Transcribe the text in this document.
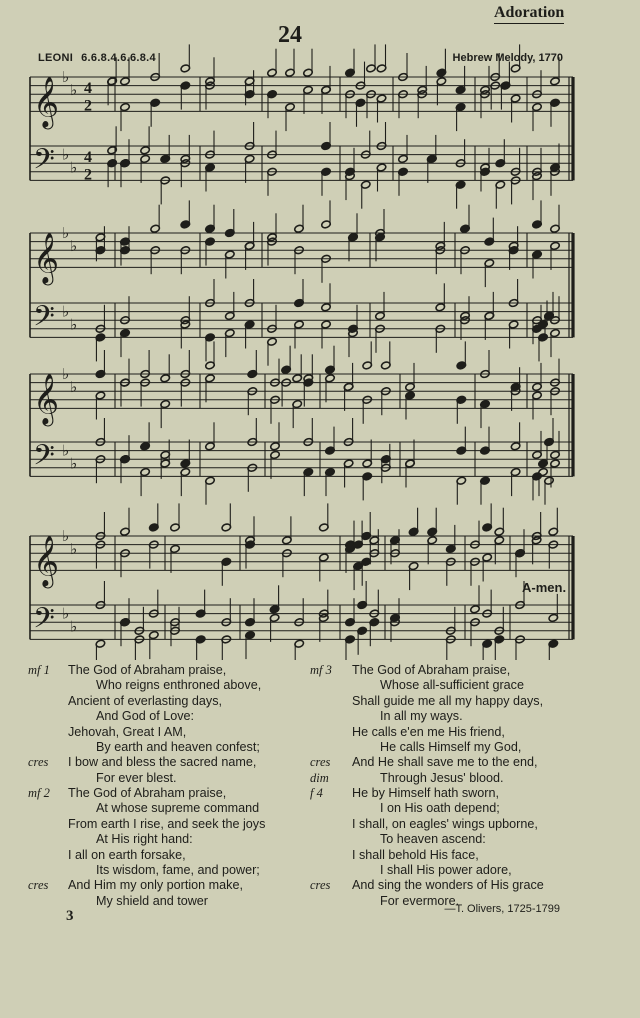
24
Adoration
LEONI 6.6.8.4.6.6.8.4	Hebrew Melody, 1770
𝄞 ♭
♭ 4
2
𝄢 ♭
♭
4
2
𝄞 ♭
♭
𝄢 ♭
♭
𝄞 ♭
♭
𝄢 ♭
♭
𝄞 ♭
♭
𝄢 ♭
♭
A-men.
mf 1 The God of Abraham praise,
Who reigns enthroned above,
Ancient of everlasting days,
And God of Love:
Jehovah, Great I AM,
By earth and heaven confest;
cres I bow and bless the sacred name,
For ever blest.
mf 2 The God of Abraham praise,
At whose supreme command
From earth I rise, and seek the joys
At His right hand:
I all on earth forsake,
Its wisdom, fame, and power;
cres And Him my only portion make,
My shield and tower
mf 3 The God of Abraham praise,
Whose all-sufficient grace
Shall guide me all my happy days,
In all my ways.
He calls e'en me His friend,
He calls Himself my God,
cres And He shall save me to the end,
dim	Through Jesus' blood.
f 4 He by Himself hath sworn,
I on His oath depend;
I shall, on eagles' wings upborne,
To heaven ascend:
I shall behold His face,
I shall His power adore,
cres And sing the wonders of His grace
For evermore.
—T. Olivers, 1725-1799
3
